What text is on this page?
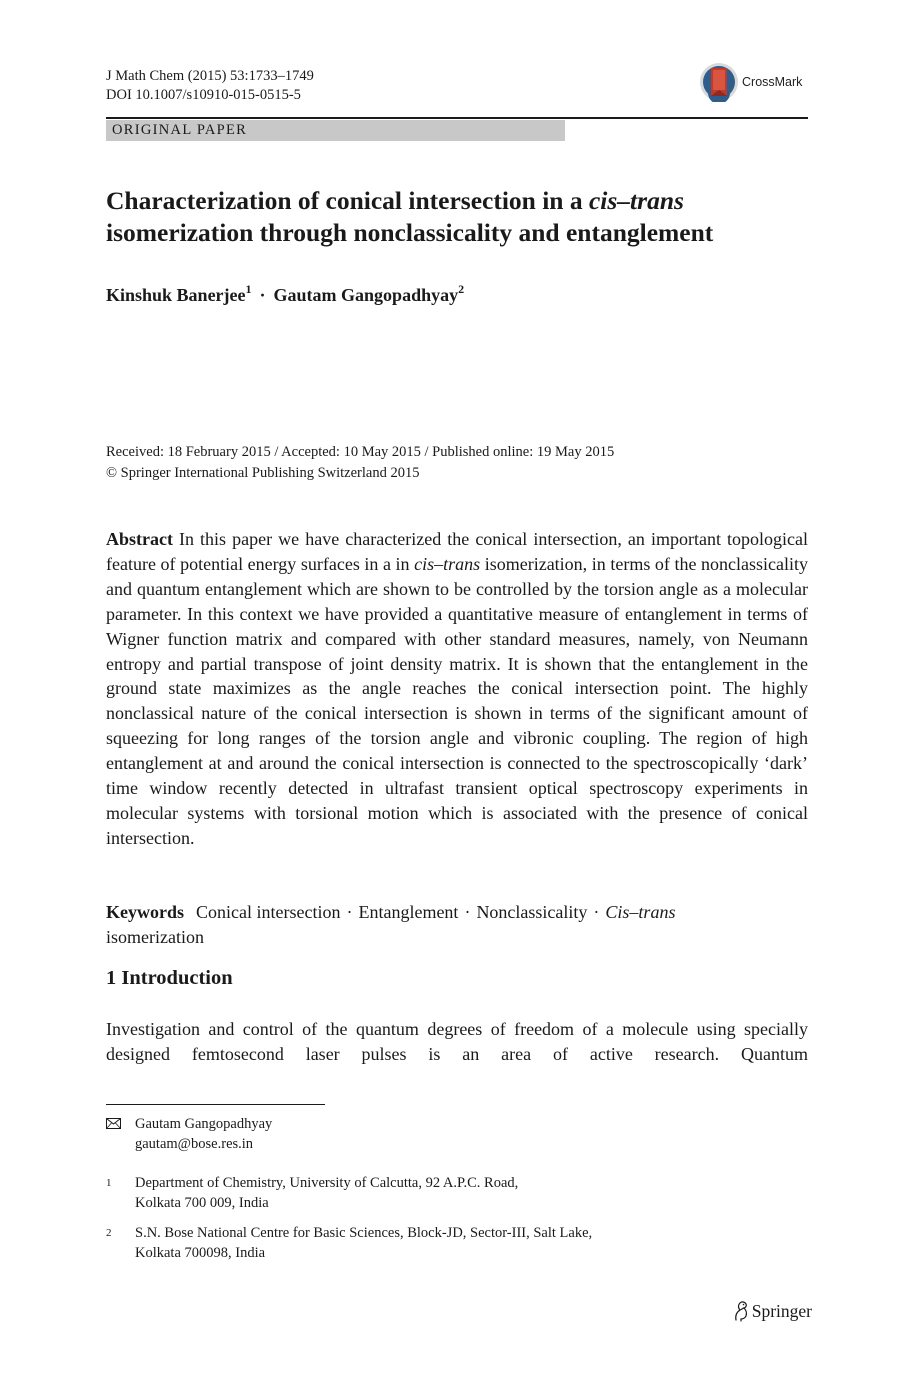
J Math Chem (2015) 53:1733–1749
DOI 10.1007/s10910-015-0515-5
CrossMark
ORIGINAL PAPER
Characterization of conical intersection in a cis–trans isomerization through nonclassicality and entanglement
Kinshuk Banerjee$^1$ · Gautam Gangopadhyay$^2$
Received: 18 February 2015 / Accepted: 10 May 2015 / Published online: 19 May 2015
© Springer International Publishing Switzerland 2015

Abstract In this paper we have characterized the conical intersection, an important topological feature of potential energy surfaces in a in cis–trans isomerization, in terms of the nonclassicality and quantum entanglement which are shown to be controlled by the torsion angle as a molecular parameter. In this context we have provided a quantitative measure of entanglement in terms of Wigner function matrix and compared with other standard measures, namely, von Neumann entropy and partial transpose of joint density matrix. It is shown that the entanglement in the ground state maximizes as the angle reaches the conical intersection point. The highly nonclassical nature of the conical intersection is shown in terms of the significant amount of squeezing for long ranges of the torsion angle and vibronic coupling. The region of high entanglement at and around the conical intersection is connected to the spectroscopically ‘dark’ time window recently detected in ultrafast transient optical spectroscopy experiments in molecular systems with torsional motion which is associated with the presence of conical intersection.

Keywords Conical intersection · Entanglement · Nonclassicality · Cis–trans
isomerization

1 Introduction

Investigation and control of the quantum degrees of freedom of a molecule using specially designed femtosecond laser pulses is an area of active research. Quantum

Gautam Gangopadhyay
gautam@bose.res.in
$^1$	Department of Chemistry, University of Calcutta, 92 A.P.C. Road,
Kolkata 700 009, India
$^2$	S.N. Bose National Centre for Basic Sciences, Block-JD, Sector-III, Salt Lake,
Kolkata 700098, India
Springer
